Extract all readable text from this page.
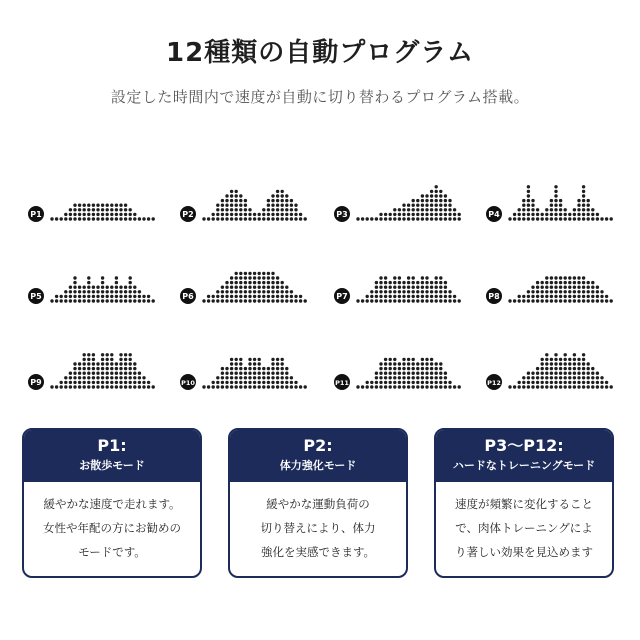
12種類の自動プログラム
設定した時間内で速度が自動に切り替わるプログラム搭載。
P1	P2	P3	P4
P5	P6	P7	P8
P9	P10	P11	P12
P1:
お散歩モード
緩やかな速度で走れます。
女性や年配の方にお勧めの
モードです。
P2:
体力強化モード
緩やかな運動負荷の
切り替えにより、体力
強化を実感できます。
P3〜P12:
ハードなトレーニングモード
速度が頻繁に変化すること
で、肉体トレーニングによ
り著しい効果を見込めます
